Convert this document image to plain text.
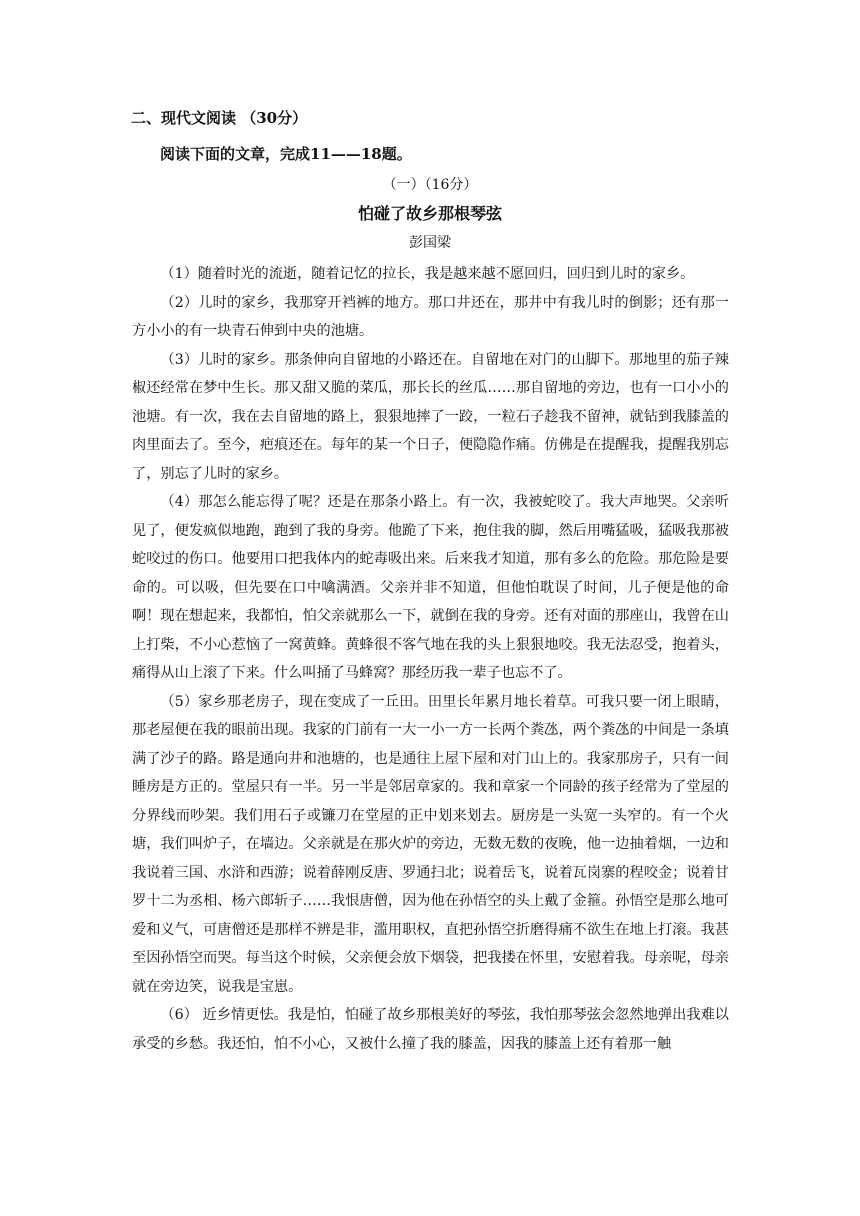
二、现代文阅读 （30分）
阅读下面的文章，完成11——18题。
（一）（16分）
怕碰了故乡那根琴弦
彭国梁

（1）随着时光的流逝，随着记忆的拉长，我是越来越不愿回归，回归到儿时的家乡。

（2）儿时的家乡，我那穿开裆裤的地方。那口井还在，那井中有我儿时的倒影；还有那一方小小的有一块青石伸到中央的池塘。

（3）儿时的家乡。那条伸向自留地的小路还在。自留地在对门的山脚下。那地里的茄子辣椒还经常在梦中生长。那又甜又脆的菜瓜，那长长的丝瓜……那自留地的旁边，也有一口小小的池塘。有一次，我在去自留地的路上，狠狠地摔了一跤，一粒石子趁我不留神，就钻到我膝盖的肉里面去了。至今，疤痕还在。每年的某一个日子，便隐隐作痛。仿佛是在提醒我，提醒我别忘了，别忘了儿时的家乡。

（4）那怎么能忘得了呢？还是在那条小路上。有一次，我被蛇咬了。我大声地哭。父亲听见了，便发疯似地跑，跑到了我的身旁。他跪了下来，抱住我的脚，然后用嘴猛吸，猛吸我那被蛇咬过的伤口。他要用口把我体内的蛇毒吸出来。后来我才知道，那有多么的危险。那危险是要命的。可以吸，但先要在口中噙满酒。父亲并非不知道，但他怕耽误了时间，儿子便是他的命啊！现在想起来，我都怕，怕父亲就那么一下，就倒在我的身旁。还有对面的那座山，我曾在山上打柴，不小心惹恼了一窝黄蜂。黄蜂很不客气地在我的头上狠狠地咬。我无法忍受，抱着头，痛得从山上滚了下来。什么叫捅了马蜂窝？那经历我一辈子也忘不了。

（5）家乡那老房子，现在变成了一丘田。田里长年累月地长着草。可我只要一闭上眼睛，那老屋便在我的眼前出现。我家的门前有一大一小一方一长两个粪氹，两个粪氹的中间是一条填满了沙子的路。路是通向井和池塘的，也是通往上屋下屋和对门山上的。我家那房子，只有一间睡房是方正的。堂屋只有一半。另一半是邻居章家的。我和章家一个同龄的孩子经常为了堂屋的分界线而吵架。我们用石子或镰刀在堂屋的正中划来划去。厨房是一头宽一头窄的。有一个火塘，我们叫炉子，在墙边。父亲就是在那火炉的旁边，无数无数的夜晚，他一边抽着烟，一边和我说着三国、水浒和西游；说着薛刚反唐、罗通扫北；说着岳飞，说着瓦岗寨的程咬金；说着甘罗十二为丞相、杨六郎斩子……我恨唐僧，因为他在孙悟空的头上戴了金箍。孙悟空是那么地可爱和义气，可唐僧还是那样不辨是非，滥用职权，直把孙悟空折磨得痛不欲生在地上打滚。我甚至因孙悟空而哭。每当这个时候，父亲便会放下烟袋，把我搂在怀里，安慰着我。母亲呢，母亲就在旁边笑，说我是宝崽。

（6） 近乡情更怯。我是怕，怕碰了故乡那根美好的琴弦，我怕那琴弦会忽然地弹出我难以承受的乡愁。我还怕，怕不小心，又被什么撞了我的膝盖，因我的膝盖上还有着那一触
